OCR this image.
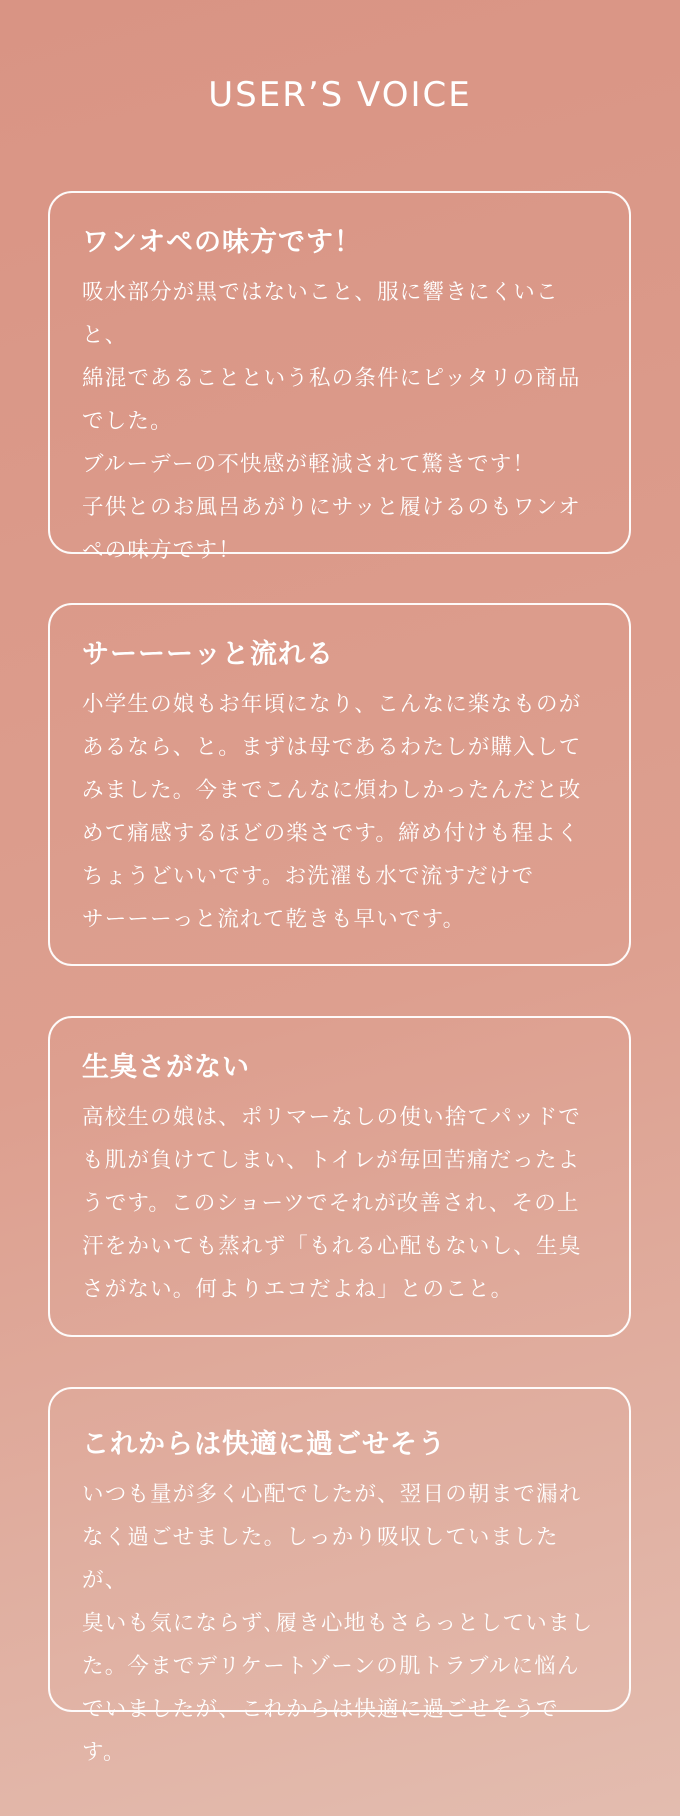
USER’S VOICE
ワンオペの味方です！

吸水部分が黒ではないこと、服に響きにくいこと、
綿混であることという私の条件にピッタリの商品
でした。
ブルーデーの不快感が軽減されて驚きです！
子供とのお風呂あがりにサッと履けるのもワンオ
ペの味方です！

サーーーッと流れる

小学生の娘もお年頃になり、こんなに楽なものが
あるなら、と。まずは母であるわたしが購入して
みました。今までこんなに煩わしかったんだと改
めて痛感するほどの楽さです。締め付けも程よく
ちょうどいいです。お洗濯も水で流すだけで
サーーーっと流れて乾きも早いです。

生臭さがない

高校生の娘は、ポリマーなしの使い捨てパッドで
も肌が負けてしまい、トイレが毎回苦痛だったよ
うです。このショーツでそれが改善され、その上
汗をかいても蒸れず「もれる心配もないし、生臭
さがない。何よりエコだよね」とのこと。

これからは快適に過ごせそう

いつも量が多く心配でしたが、翌日の朝まで漏れ
なく過ごせました。しっかり吸収していましたが、
臭いも気にならず､履き心地もさらっとしていまし
た。今までデリケートゾーンの肌トラブルに悩ん
でいましたが、これからは快適に過ごせそうです。
